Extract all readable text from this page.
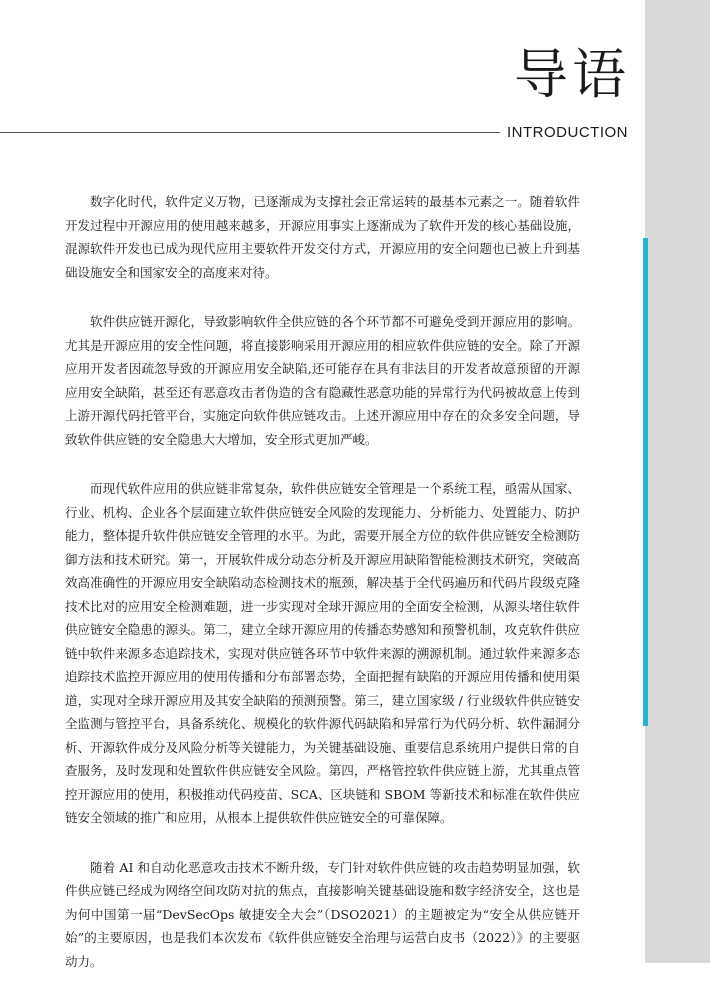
导语
INTRODUCTION

数字化时代，软件定义万物，已逐渐成为支撑社会正常运转的最基本元素之一。随着软件开发过程中开源应用的使用越来越多，开源应用事实上逐渐成为了软件开发的核心基础设施，混源软件开发也已成为现代应用主要软件开发交付方式，开源应用的安全问题也已被上升到基础设施安全和国家安全的高度来对待。

软件供应链开源化，导致影响软件全供应链的各个环节都不可避免受到开源应用的影响。尤其是开源应用的安全性问题，将直接影响采用开源应用的相应软件供应链的安全。除了开源应用开发者因疏忽导致的开源应用安全缺陷,还可能存在具有非法目的开发者故意预留的开源应用安全缺陷，甚至还有恶意攻击者伪造的含有隐藏性恶意功能的异常行为代码被故意上传到上游开源代码托管平台，实施定向软件供应链攻击。上述开源应用中存在的众多安全问题，导致软件供应链的安全隐患大大增加，安全形式更加严峻。

而现代软件应用的供应链非常复杂，软件供应链安全管理是一个系统工程，亟需从国家、行业、机构、企业各个层面建立软件供应链安全风险的发现能力、分析能力、处置能力、防护能力，整体提升软件供应链安全管理的水平。为此，需要开展全方位的软件供应链安全检测防御方法和技术研究。第一，开展软件成分动态分析及开源应用缺陷智能检测技术研究，突破高效高准确性的开源应用安全缺陷动态检测技术的瓶颈，解决基于全代码遍历和代码片段级克隆技术比对的应用安全检测难题，进一步实现对全球开源应用的全面安全检测，从源头堵住软件供应链安全隐患的源头。第二，建立全球开源应用的传播态势感知和预警机制，攻克软件供应链中软件来源多态追踪技术，实现对供应链各环节中软件来源的溯源机制。通过软件来源多态追踪技术监控开源应用的使用传播和分布部署态势，全面把握有缺陷的开源应用传播和使用渠道，实现对全球开源应用及其安全缺陷的预测预警。第三，建立国家级 / 行业级软件供应链安全监测与管控平台，具备系统化、规模化的软件源代码缺陷和异常行为代码分析、软件漏洞分析、开源软件成分及风险分析等关键能力，为关键基础设施、重要信息系统用户提供日常的自查服务，及时发现和处置软件供应链安全风险。第四，严格管控软件供应链上游，尤其重点管控开源应用的使用，积极推动代码疫苗、SCA、区块链和 SBOM 等新技术和标准在软件供应链安全领域的推广和应用，从根本上提供软件供应链安全的可靠保障。

随着 AI 和自动化恶意攻击技术不断升级，专门针对软件供应链的攻击趋势明显加强，软件供应链已经成为网络空间攻防对抗的焦点，直接影响关键基础设施和数字经济安全，这也是为何中国第一届“DevSecOps 敏捷安全大会”（DSO2021）的主题被定为“安全从供应链开始”的主要原因，也是我们本次发布《软件供应链安全治理与运营白皮书（2022）》的主要驱动力。
